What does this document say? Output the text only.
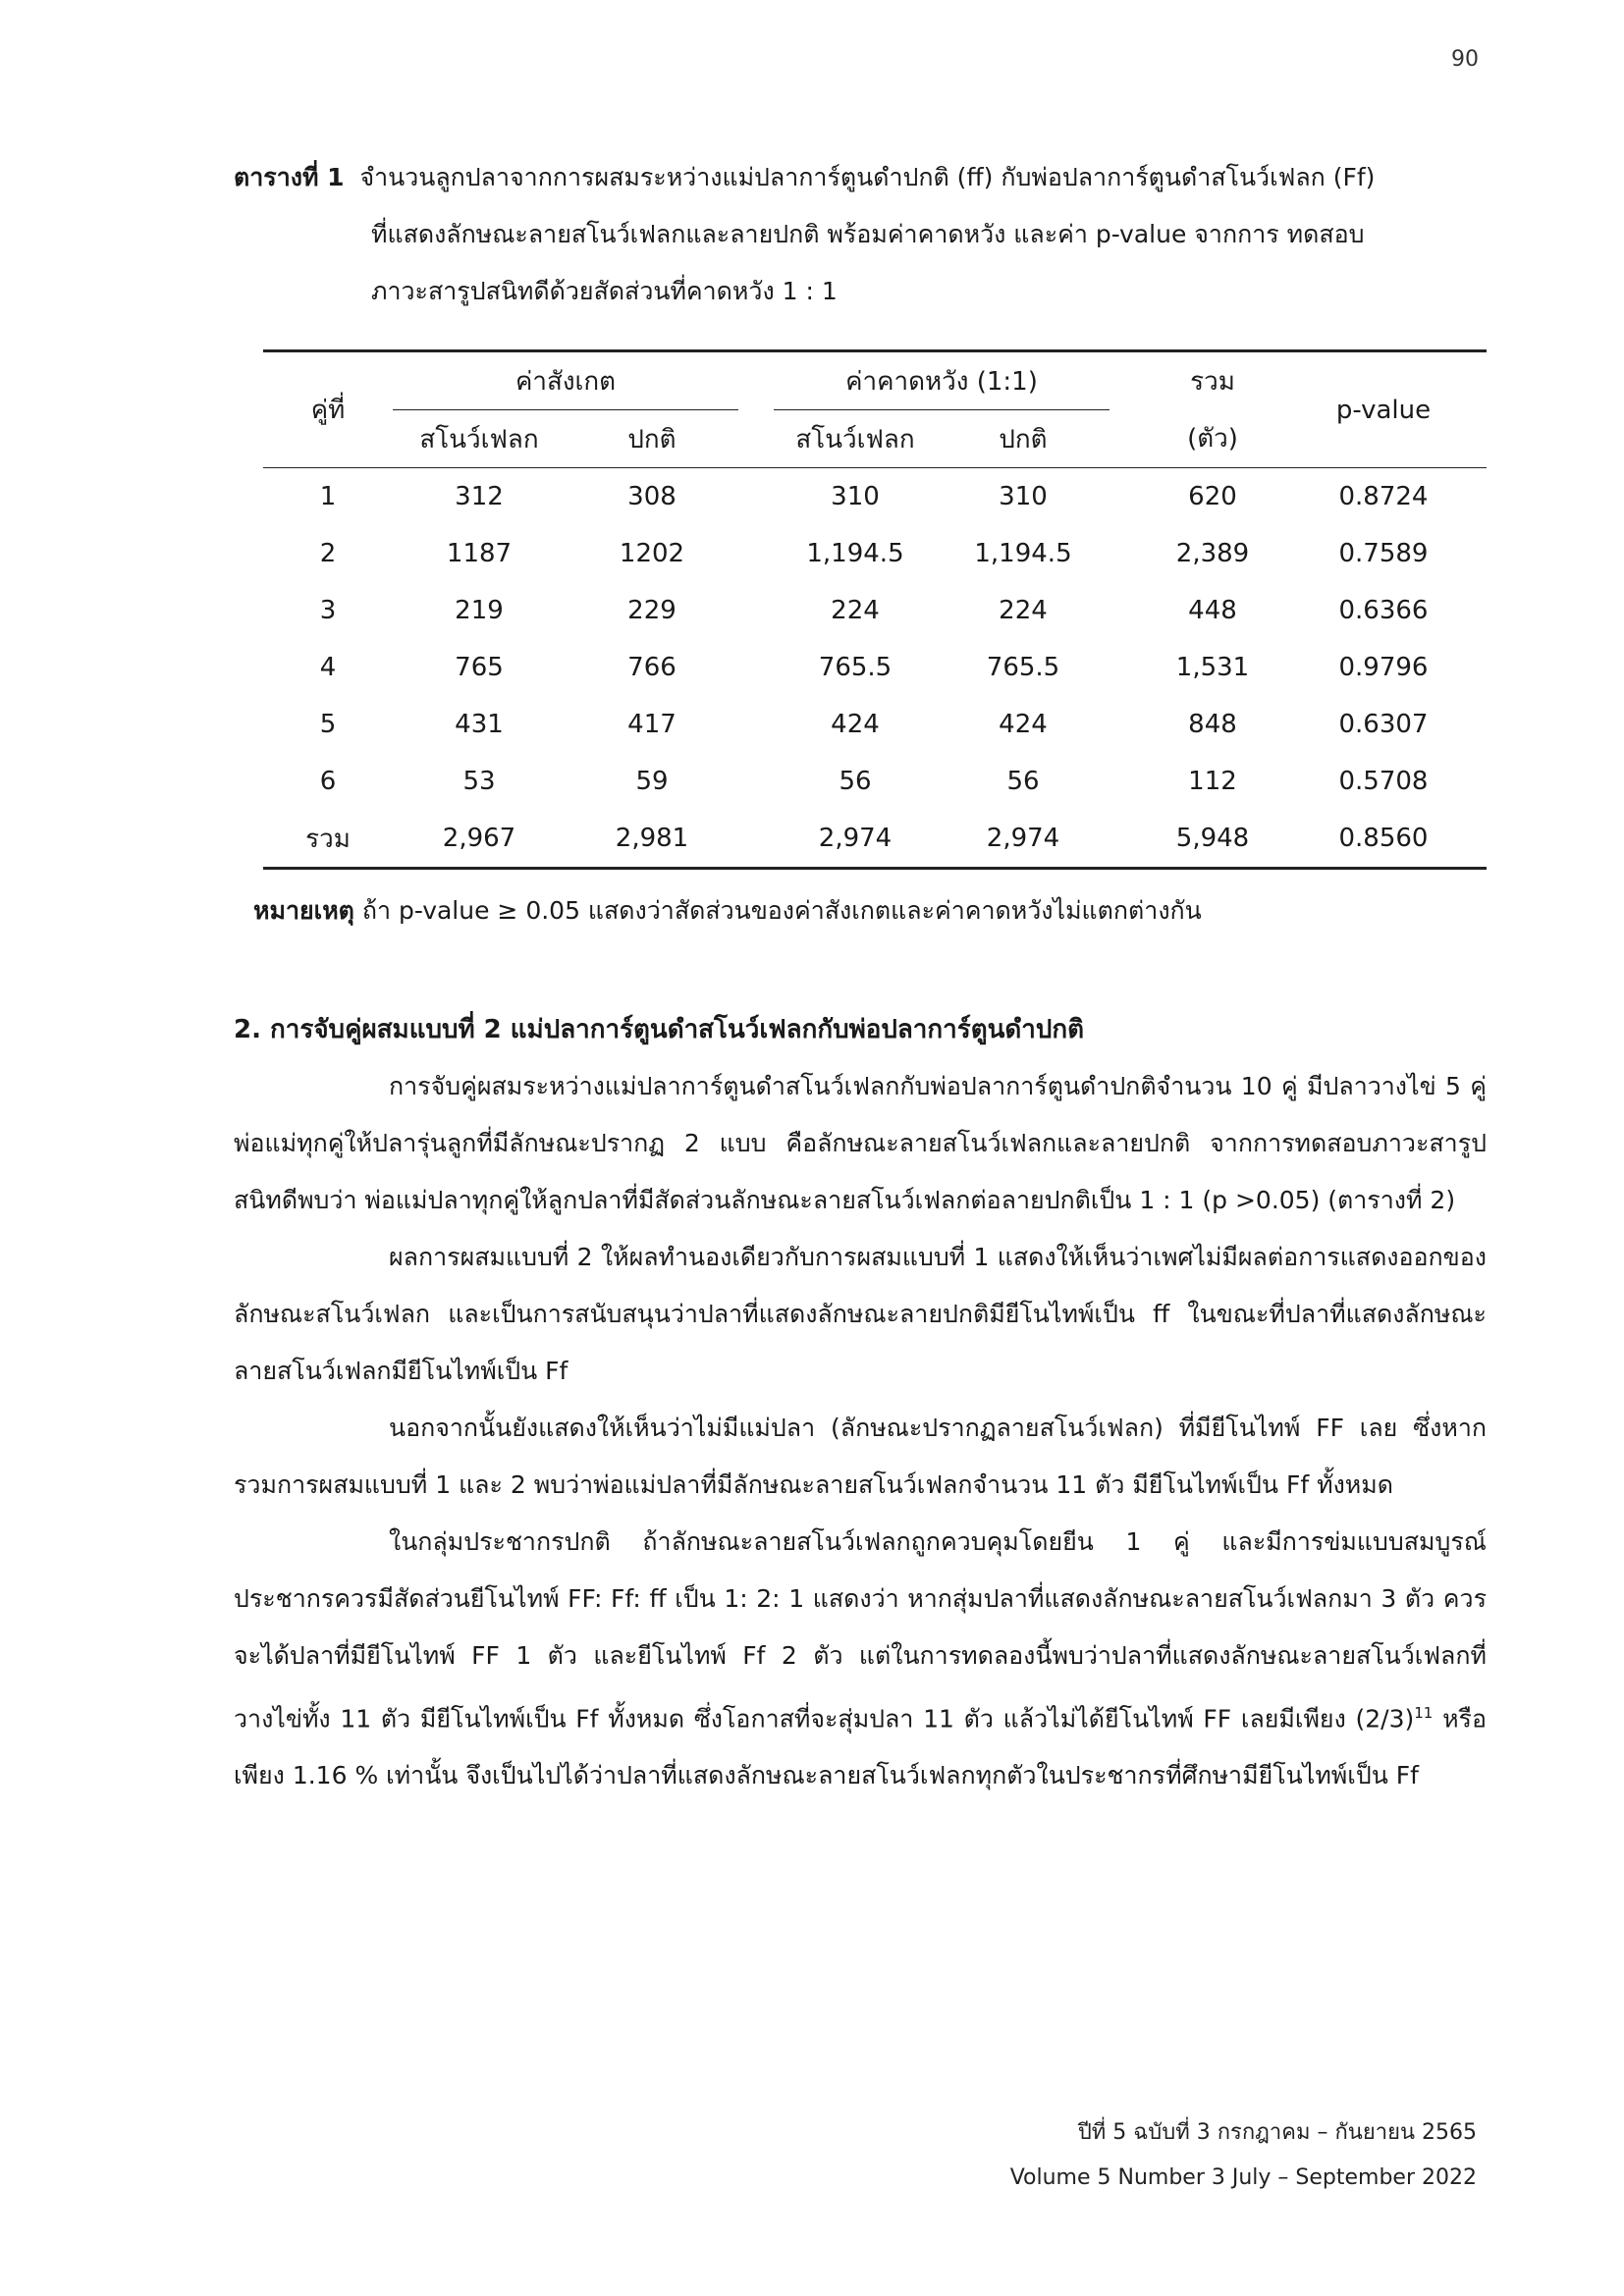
90
ตารางที่ 1 จำนวนลูกปลาจากการผสมระหว่างแม่ปลาการ์ตูนดำปกติ (ff) กับพ่อปลาการ์ตูนดำสโนว์เฟลก (Ff)
ที่แสดงลักษณะลายสโนว์เฟลกและลายปกติ พร้อมค่าคาดหวัง และค่า p-value จากการ ทดสอบ
ภาวะสารูปสนิทดีด้วยสัดส่วนที่คาดหวัง 1 : 1
คู่ที่	ค่าสังเกต			ค่าคาดหวัง (1:1)			รวม	p-value
	สโนว์เฟลก	ปกติ		สโนว์เฟลก	ปกติ		(ตัว)	
1	312	308		310	310		620	0.8724
2	1187	1202		1,194.5	1,194.5		2,389	0.7589
3	219	229		224	224		448	0.6366
4	765	766		765.5	765.5		1,531	0.9796
5	431	417		424	424		848	0.6307
6	53	59		56	56		112	0.5708
รวม	2,967	2,981		2,974	2,974		5,948	0.8560
หมายเหตุ ถ้า p-value ≥ 0.05 แสดงว่าสัดส่วนของค่าสังเกตและค่าคาดหวังไม่แตกต่างกัน
2. การจับคู่ผสมแบบที่ 2 แม่ปลาการ์ตูนดำสโนว์เฟลกกับพ่อปลาการ์ตูนดำปกติ

การจับคู่ผสมระหว่างแม่ปลาการ์ตูนดำสโนว์เฟลกกับพ่อปลาการ์ตูนดำปกติจำนวน 10 คู่ มีปลาวางไข่ 5 คู่ พ่อแม่ทุกคู่ให้ปลารุ่นลูกที่มีลักษณะปรากฏ 2 แบบ คือลักษณะลายสโนว์เฟลกและลายปกติ จากการทดสอบภาวะสารูปสนิทดีพบว่า พ่อแม่ปลาทุกคู่ให้ลูกปลาที่มีสัดส่วนลักษณะลายสโนว์เฟลกต่อลายปกติเป็น 1 : 1 (p >0.05) (ตารางที่ 2)

ผลการผสมแบบที่ 2 ให้ผลทำนองเดียวกับการผสมแบบที่ 1 แสดงให้เห็นว่าเพศไม่มีผลต่อการแสดงออกของลักษณะสโนว์เฟลก และเป็นการสนับสนุนว่าปลาที่แสดงลักษณะลายปกติมียีโนไทพ์เป็น ff ในขณะที่ปลาที่แสดงลักษณะลายสโนว์เฟลกมียีโนไทพ์เป็น Ff

นอกจากนั้นยังแสดงให้เห็นว่าไม่มีแม่ปลา (ลักษณะปรากฏลายสโนว์เฟลก) ที่มียีโนไทพ์ FF เลย ซึ่งหากรวมการผสมแบบที่ 1 และ 2 พบว่าพ่อแม่ปลาที่มีลักษณะลายสโนว์เฟลกจำนวน 11 ตัว มียีโนไทพ์เป็น Ff ทั้งหมด

ในกลุ่มประชากรปกติ ถ้าลักษณะลายสโนว์เฟลกถูกควบคุมโดยยีน 1 คู่ และมีการข่มแบบสมบูรณ์ ประชากรควรมีสัดส่วนยีโนไทพ์ FF: Ff: ff เป็น 1: 2: 1 แสดงว่า หากสุ่มปลาที่แสดงลักษณะลายสโนว์เฟลกมา 3 ตัว ควรจะได้ปลาที่มียีโนไทพ์ FF 1 ตัว และยีโนไทพ์ Ff 2 ตัว แต่ในการทดลองนี้พบว่าปลาที่แสดงลักษณะลายสโนว์เฟลกที่วางไข่ทั้ง 11 ตัว มียีโนไทพ์เป็น Ff ทั้งหมด ซึ่งโอกาสที่จะสุ่มปลา 11 ตัว แล้วไม่ได้ยีโนไทพ์ FF เลยมีเพียง $(2/3)^{11}$ หรือเพียง 1.16 % เท่านั้น จึงเป็นไปได้ว่าปลาที่แสดงลักษณะลายสโนว์เฟลกทุกตัวในประชากรที่ศึกษามียีโนไทพ์เป็น Ff

ปีที่ 5 ฉบับที่ 3 กรกฎาคม – กันยายน 2565
Volume 5 Number 3 July – September 2022
